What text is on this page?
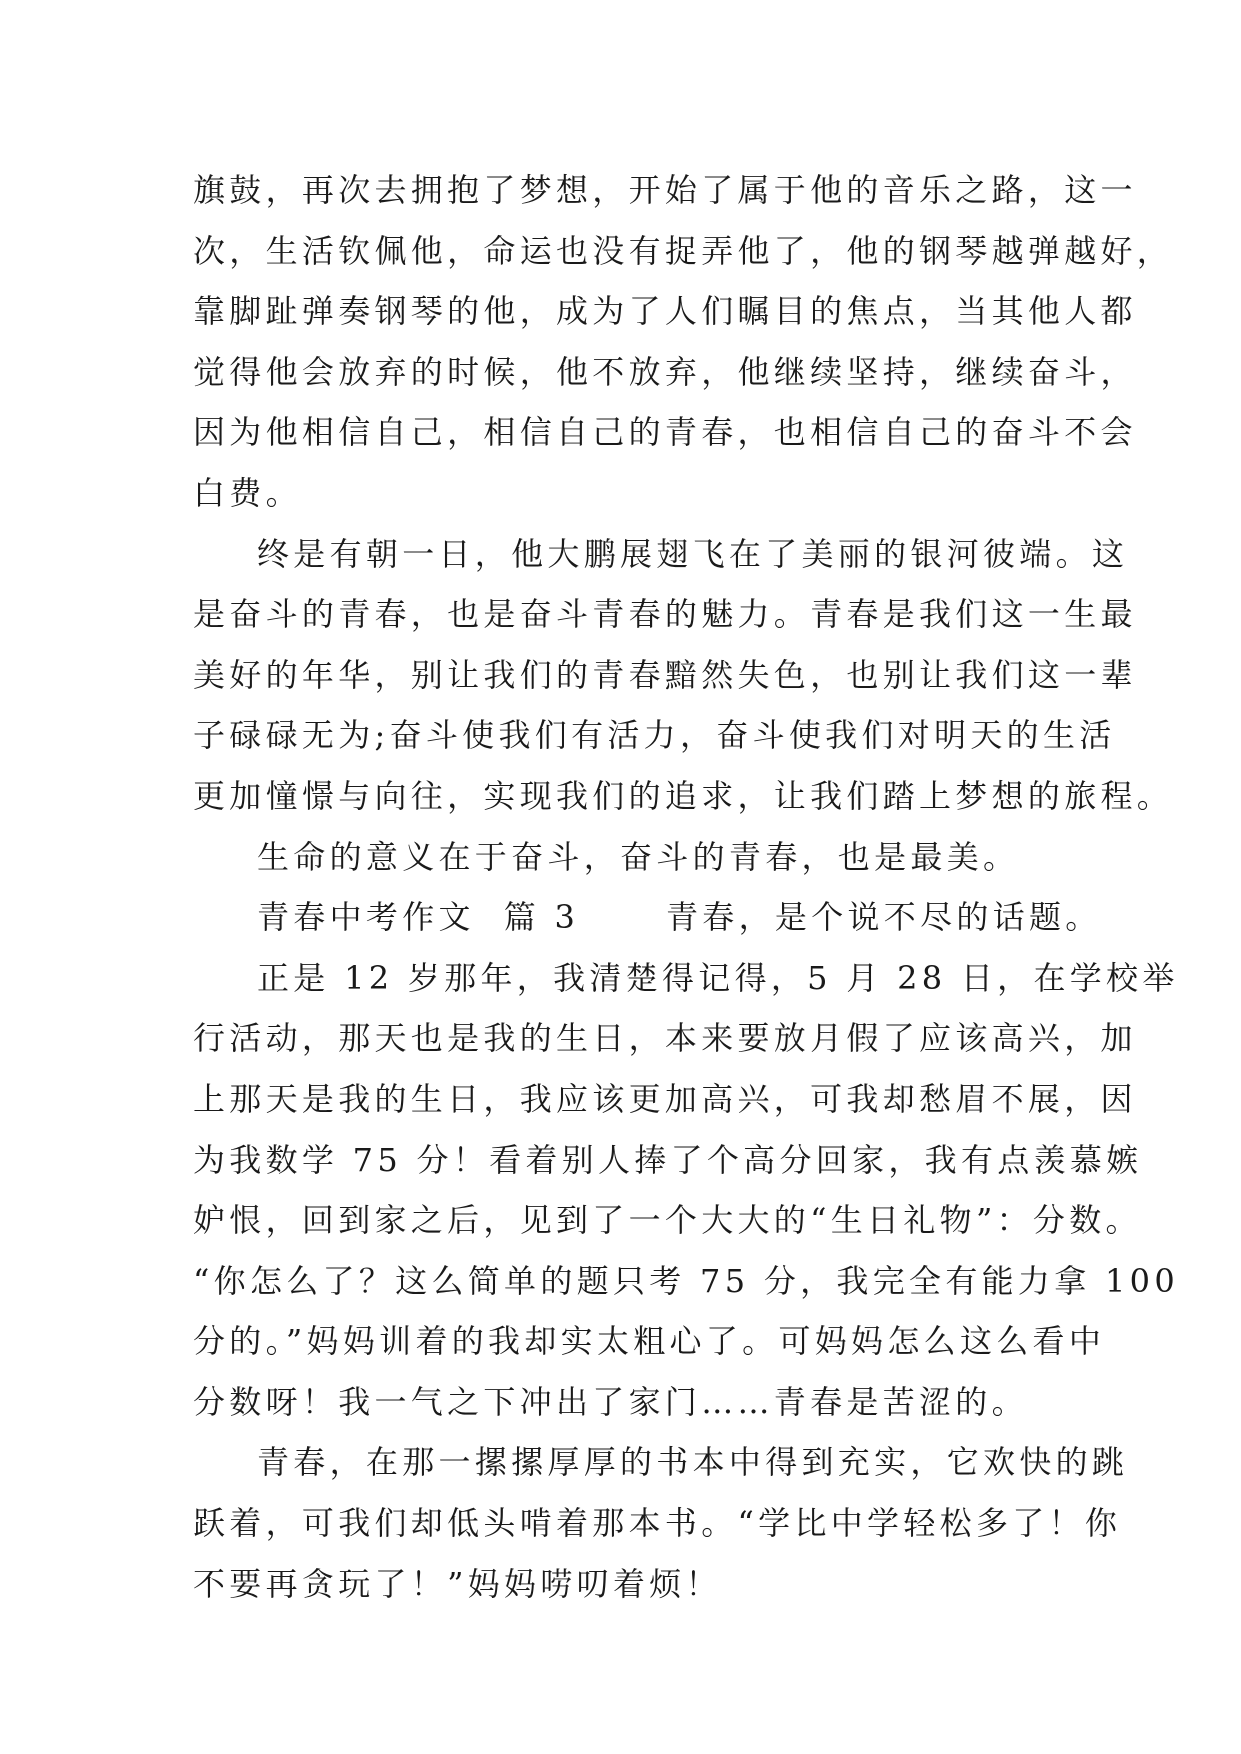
旗鼓，再次去拥抱了梦想，开始了属于他的音乐之路，这一
次，生活钦佩他，命运也没有捉弄他了，他的钢琴越弹越好，
靠脚趾弹奏钢琴的他，成为了人们瞩目的焦点，当其他人都
觉得他会放弃的时候，他不放弃，他继续坚持，继续奋斗，
因为他相信自己，相信自己的青春，也相信自己的奋斗不会
白费。
终是有朝一日，他大鹏展翅飞在了美丽的银河彼端。这
是奋斗的青春，也是奋斗青春的魅力。青春是我们这一生最
美好的年华，别让我们的青春黯然失色，也别让我们这一辈
子碌碌无为;奋斗使我们有活力，奋斗使我们对明天的生活
更加憧憬与向往，实现我们的追求，让我们踏上梦想的旅程。
生命的意义在于奋斗，奋斗的青春，也是最美。
青春中考作文  篇 3      青春，是个说不尽的话题。
正是 12 岁那年，我清楚得记得，5 月 28 日，在学校举
行活动，那天也是我的生日，本来要放月假了应该高兴，加
上那天是我的生日，我应该更加高兴，可我却愁眉不展，因
为我数学 75 分！看着别人捧了个高分回家，我有点羡慕嫉
妒恨，回到家之后，见到了一个大大的“生日礼物”：分数。
“你怎么了？这么简单的题只考 75 分，我完全有能力拿 100
分的。”妈妈训着的我却实太粗心了。可妈妈怎么这么看中
分数呀！我一气之下冲出了家门……青春是苦涩的。
青春，在那一摞摞厚厚的书本中得到充实，它欢快的跳
跃着，可我们却低头啃着那本书。“学比中学轻松多了！你
不要再贪玩了！”妈妈唠叨着烦！
